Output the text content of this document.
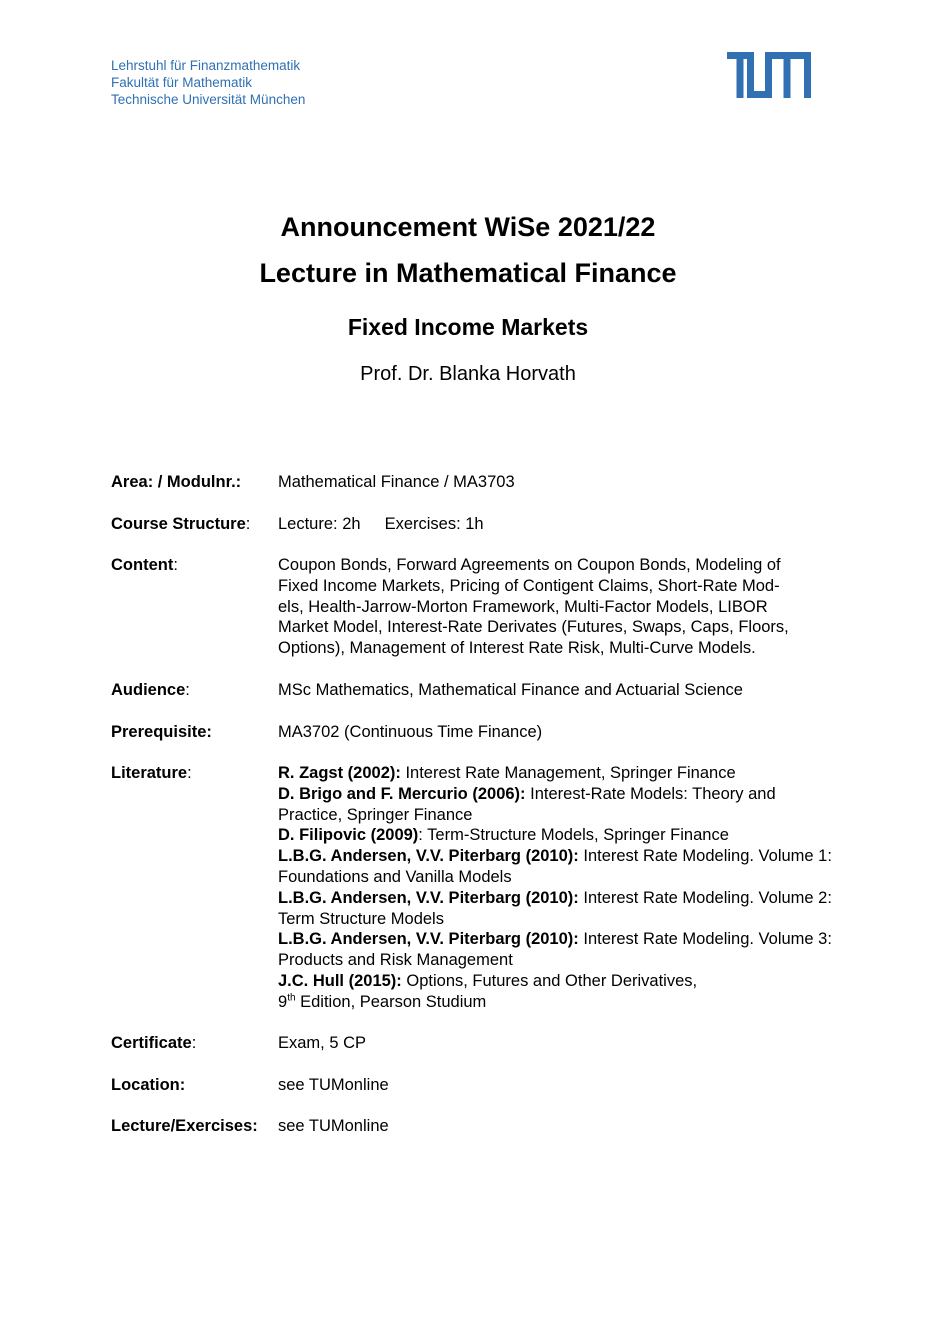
Lehrstuhl für Finanzmathematik
Fakultät für Mathematik
Technische Universität München
Announcement WiSe 2021/22
Lecture in Mathematical Finance
Fixed Income Markets
Prof. Dr. Blanka Horvath
Area: / Modulnr.: Mathematical Finance / MA3703
Course Structure: Lecture: 2h Exercises: 1h
Content:	Coupon Bonds, Forward Agreements on Coupon Bonds, Modeling of
Fixed Income Markets, Pricing of Contigent Claims, Short-Rate Mod-
els, Health-Jarrow-Morton Framework, Multi-Factor Models, LIBOR
Market Model, Interest-Rate Derivates (Futures, Swaps, Caps, Floors,
Options), Management of Interest Rate Risk, Multi-Curve Models.
Audience:	MSc Mathematics, Mathematical Finance and Actuarial Science
Prerequisite:	MA3702 (Continuous Time Finance)
Literature:	R. Zagst (2002): Interest Rate Management, Springer Finance
D. Brigo and F. Mercurio (2006): Interest-Rate Models: Theory and
Practice, Springer Finance
D. Filipovic (2009): Term-Structure Models, Springer Finance
L.B.G. Andersen, V.V. Piterbarg (2010): Interest Rate Modeling. Volume 1:
Foundations and Vanilla Models
L.B.G. Andersen, V.V. Piterbarg (2010): Interest Rate Modeling. Volume 2:
Term Structure Models
L.B.G. Andersen, V.V. Piterbarg (2010): Interest Rate Modeling. Volume 3:
Products and Risk Management
J.C. Hull (2015): Options, Futures and Other Derivatives,
9th Edition, Pearson Studium
Certificate:	Exam, 5 CP
Location:	see TUMonline
Lecture/Exercises: see TUMonline
